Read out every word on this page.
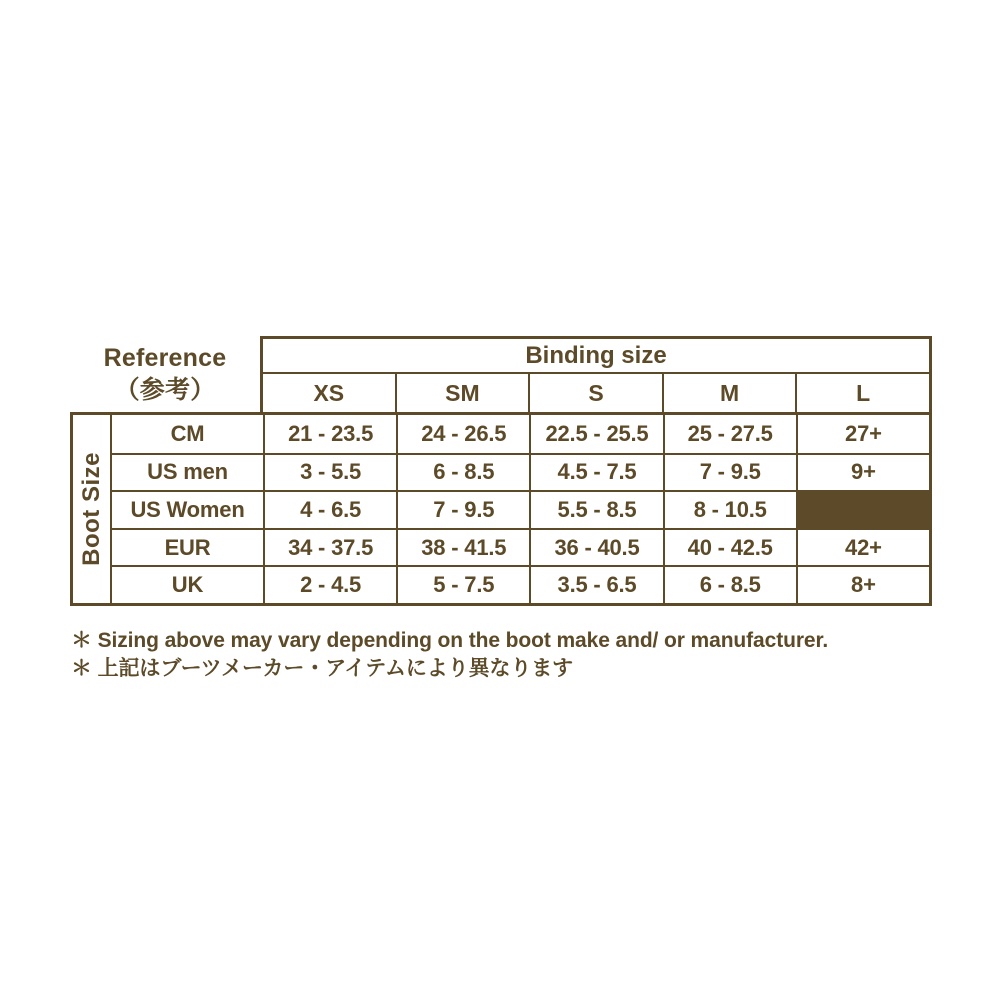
Reference
（参考）
Binding size
XS	SM	S	M	L
Boot Size
CM	21 - 23.5	24 - 26.5	22.5 - 25.5	25 - 27.5	27+
US men	3 - 5.5	6 - 8.5	4.5 - 7.5	7 - 9.5	9+
US Women	4 - 6.5	7 - 9.5	5.5 - 8.5	8 - 10.5
EUR	34 - 37.5	38 - 41.5	36 - 40.5	40 - 42.5	42+
UK	2 - 4.5	5 - 7.5	3.5 - 6.5	6 - 8.5	8+
＊ Sizing above may vary depending on the boot make and/ or manufacturer.
＊ 上記はブーツメーカー・アイテムにより異なります
